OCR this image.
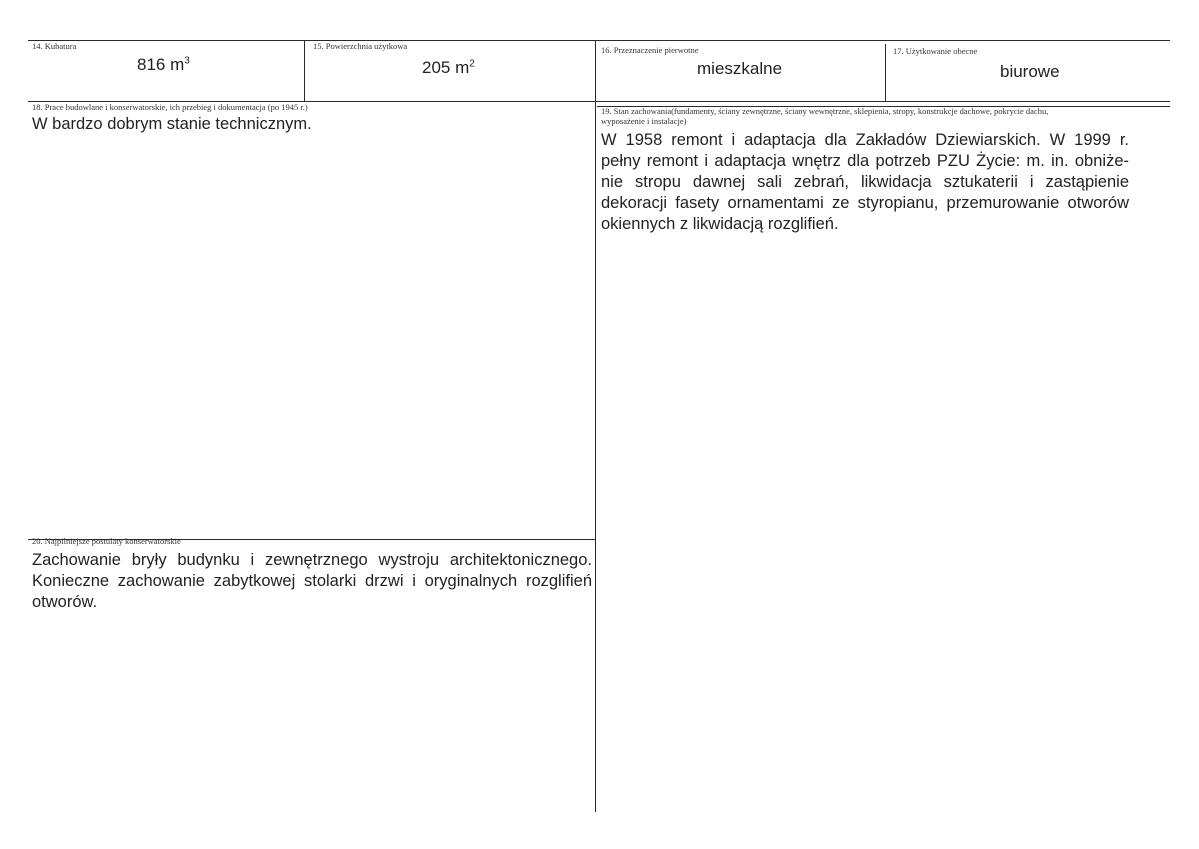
14. Kubatura
816 $m^3$
15. Powierzchnia użytkowa
205 $m^2$
16. Przeznaczenie pierwotne
mieszkalne
17. Użytkowanie obecne
biurowe
18. Prace budowlane i konserwatorskie, ich przebieg i dokumentacja (po 1945 r.)
W bardzo dobrym stanie technicznym.
19. Stan zachowania(fundamenty, ściany zewnętrzne, ściany wewnętrzne, sklepienia, stropy, konstrukcje dachowe, pokrycie dachu,
wyposażenie i instalacje)
W 1958 remont i adaptacja dla Zakładów Dziewiarskich. W 1999 r. pełny remont i adaptacja wnętrz dla potrzeb PZU Życie: m. in. obniże-nie stropu dawnej sali zebrań, likwidacja sztukaterii i zastąpienie dekoracji fasety ornamentami ze styropianu, przemurowanie otworów okiennych z likwidacją rozglifień.
20. Najpilniejsze postulaty konserwatorskie
Zachowanie bryły budynku i zewnętrznego wystroju architektonicznego. Konieczne zachowanie zabytkowej stolarki drzwi i oryginalnych rozglifień otworów.
